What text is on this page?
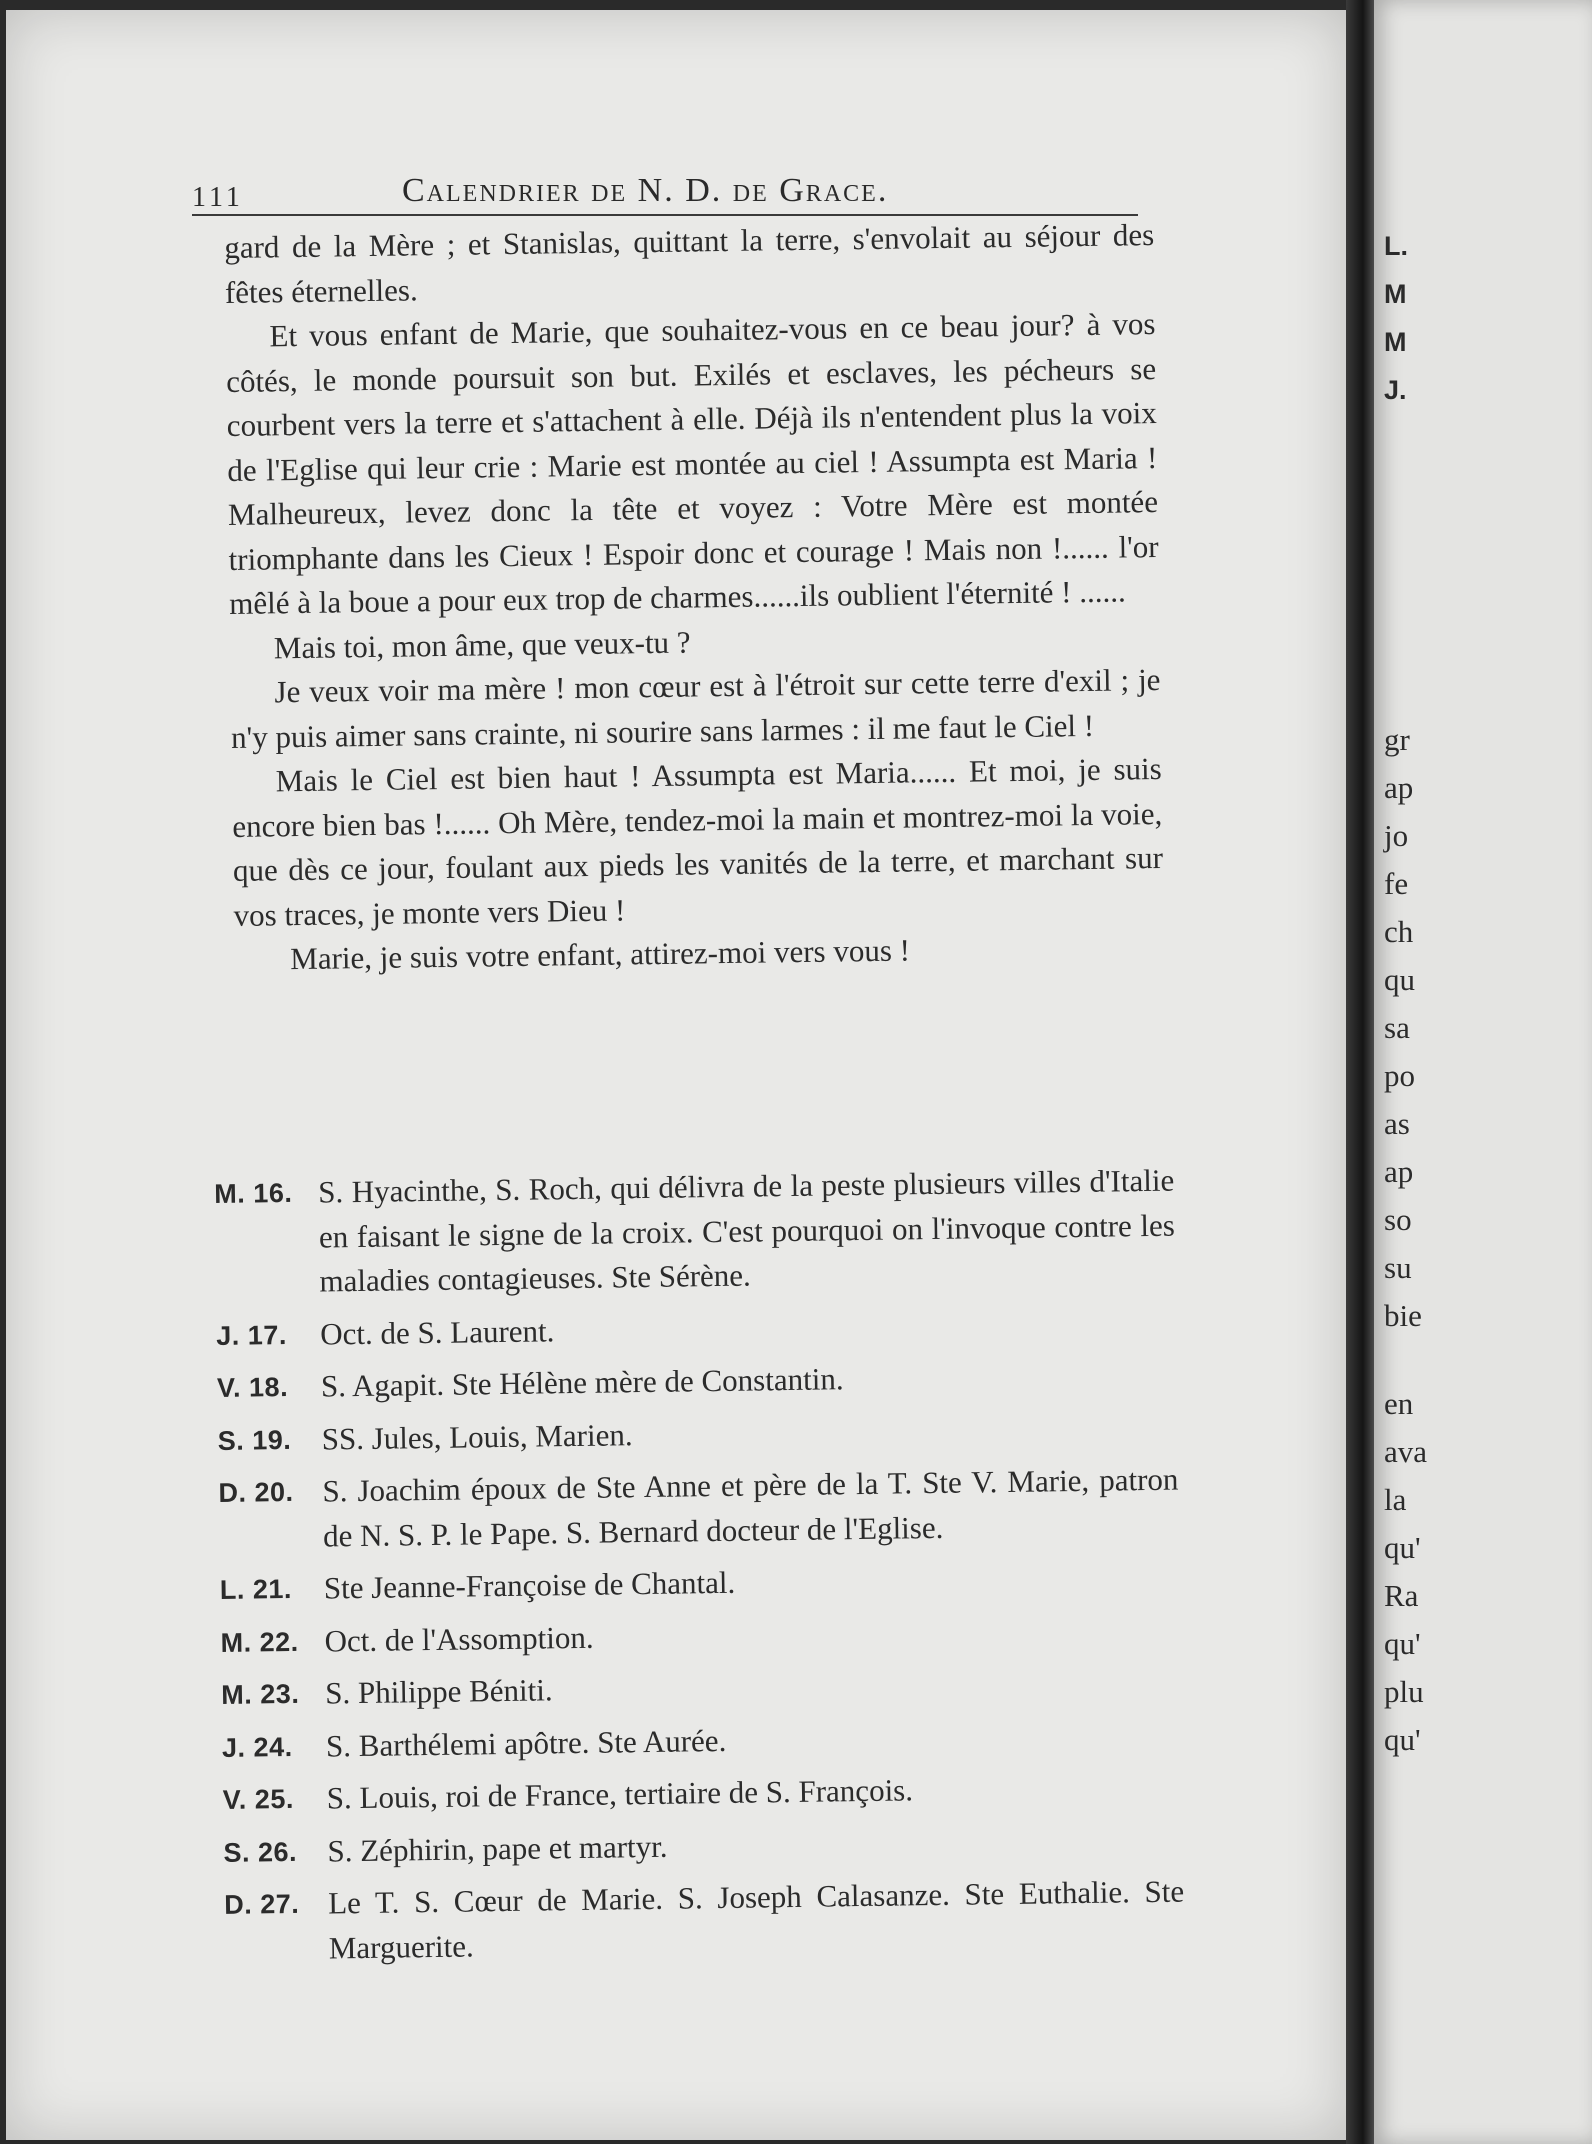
111	Calendrier de N. D. de Grace.

gard de la Mère ; et Stanislas, quittant la terre, s'envolait au séjour des fêtes éternelles.

Et vous enfant de Marie, que souhaitez-vous en ce beau jour? à vos côtés, le monde poursuit son but. Exilés et esclaves, les pécheurs se courbent vers la terre et s'attachent à elle. Déjà ils n'entendent plus la voix de l'Eglise qui leur crie : Marie est montée au ciel ! Assumpta est Maria ! Malheureux, levez donc la tête et voyez : Votre Mère est montée triomphante dans les Cieux ! Espoir donc et courage ! Mais non !...... l'or mêlé à la boue a pour eux trop de charmes......ils oublient l'éternité ! ......

Mais toi, mon âme, que veux-tu ?

Je veux voir ma mère ! mon cœur est à l'étroit sur cette terre d'exil ; je n'y puis aimer sans crainte, ni sourire sans larmes : il me faut le Ciel !

Mais le Ciel est bien haut ! Assumpta est Maria...... Et moi, je suis encore bien bas !...... Oh Mère, tendez-moi la main et montrez-moi la voie, que dès ce jour, foulant aux pieds les vanités de la terre, et marchant sur vos traces, je monte vers Dieu !

Marie, je suis votre enfant, attirez-moi vers vous !

M. 16. S. Hyacinthe, S. Roch, qui délivra de la peste plusieurs villes d'Italie en faisant le signe de la croix. C'est pourquoi on l'invoque contre les maladies contagieuses. Ste Sérène.
J. 17. Oct. de S. Laurent.
V. 18. S. Agapit. Ste Hélène mère de Constantin.
S. 19. SS. Jules, Louis, Marien.
D. 20. S. Joachim époux de Ste Anne et père de la T. Ste V. Marie, patron de N. S. P. le Pape. S. Bernard docteur de l'Eglise.
L. 21. Ste Jeanne-Françoise de Chantal.
M. 22. Oct. de l'Assomption.
M. 23. S. Philippe Béniti.
J. 24. S. Barthélemi apôtre. Ste Aurée.
V. 25. S. Louis, roi de France, tertiaire de S. François.
S. 26. S. Zéphirin, pape et martyr.
D. 27. Le T. S. Cœur de Marie. S. Joseph Calasanze. Ste Euthalie. Ste Marguerite.
L.
M
M
J.
gr
ap
jo
fe
ch
qu
sa
po
as
ap
so
su
bie
en
ava
la
qu'
Ra
qu'
plu
qu'
